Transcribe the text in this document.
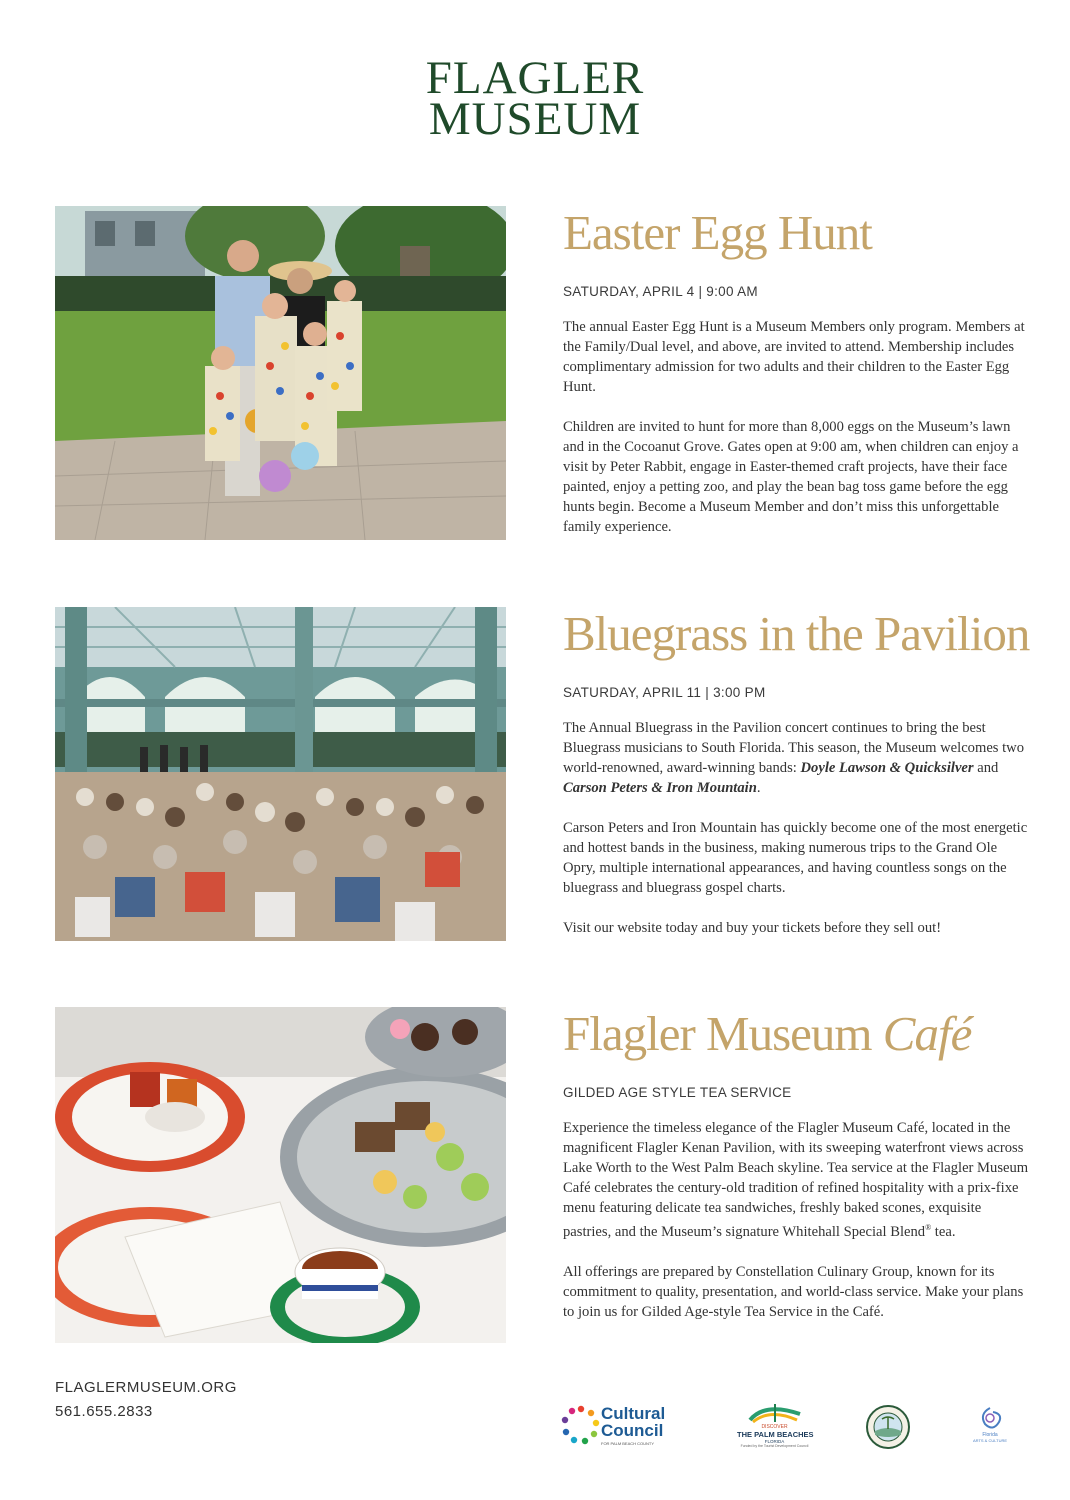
FLAGLER
MUSEUM
Easter Egg Hunt
SATURDAY, APRIL 4 | 9:00 AM

The annual Easter Egg Hunt is a Museum Members only program. Members at the Family/Dual level, and above, are invited to attend. Membership includes complimentary admission for two adults and their children to the Easter Egg Hunt.

Children are invited to hunt for more than 8,000 eggs on the Museum’s lawn and in the Cocoanut Grove. Gates open at 9:00 am, when children can enjoy a visit by Peter Rabbit, engage in Easter-themed craft projects, have their face painted, enjoy a petting zoo, and play the bean bag toss game before the egg hunts begin. Become a Museum Member and don’t miss this unforgettable family experience.

Bluegrass in the Pavilion
SATURDAY, APRIL 11 | 3:00 PM

The Annual Bluegrass in the Pavilion concert continues to bring the best Bluegrass musicians to South Florida. This season, the Museum welcomes two world-renowned, award-winning bands: Doyle Lawson & Quicksilver and Carson Peters & Iron Mountain.

Carson Peters and Iron Mountain has quickly become one of the most energetic and hottest bands in the business, making numerous trips to the Grand Ole Opry, multiple international appearances, and having countless songs on the bluegrass and bluegrass gospel charts.

Visit our website today and buy your tickets before they sell out!

Flagler Museum Café
GILDED AGE STYLE TEA SERVICE

Experience the timeless elegance of the Flagler Museum Café, located in the magnificent Flagler Kenan Pavilion, with its sweeping waterfront views across Lake Worth to the West Palm Beach skyline. Tea service at the Flagler Museum Café celebrates the century-old tradition of refined hospitality with a prix-fixe menu featuring delicate tea sandwiches, freshly baked scones, exquisite pastries, and the Museum’s signature Whitehall Special Blend® tea.

All offerings are prepared by Constellation Culinary Group, known for its commitment to quality, presentation, and world-class service. Make your plans to join us for Gilded Age-style Tea Service in the Café.

FLAGLERMUSEUM.ORG
561.655.2833	Cultural
Council
FOR PALM BEACH COUNTY
DISCOVER
THE PALM BEACHES
FLORIDA
Funded by the Tourist Development Council
Florida
ARTS & CULTURE
